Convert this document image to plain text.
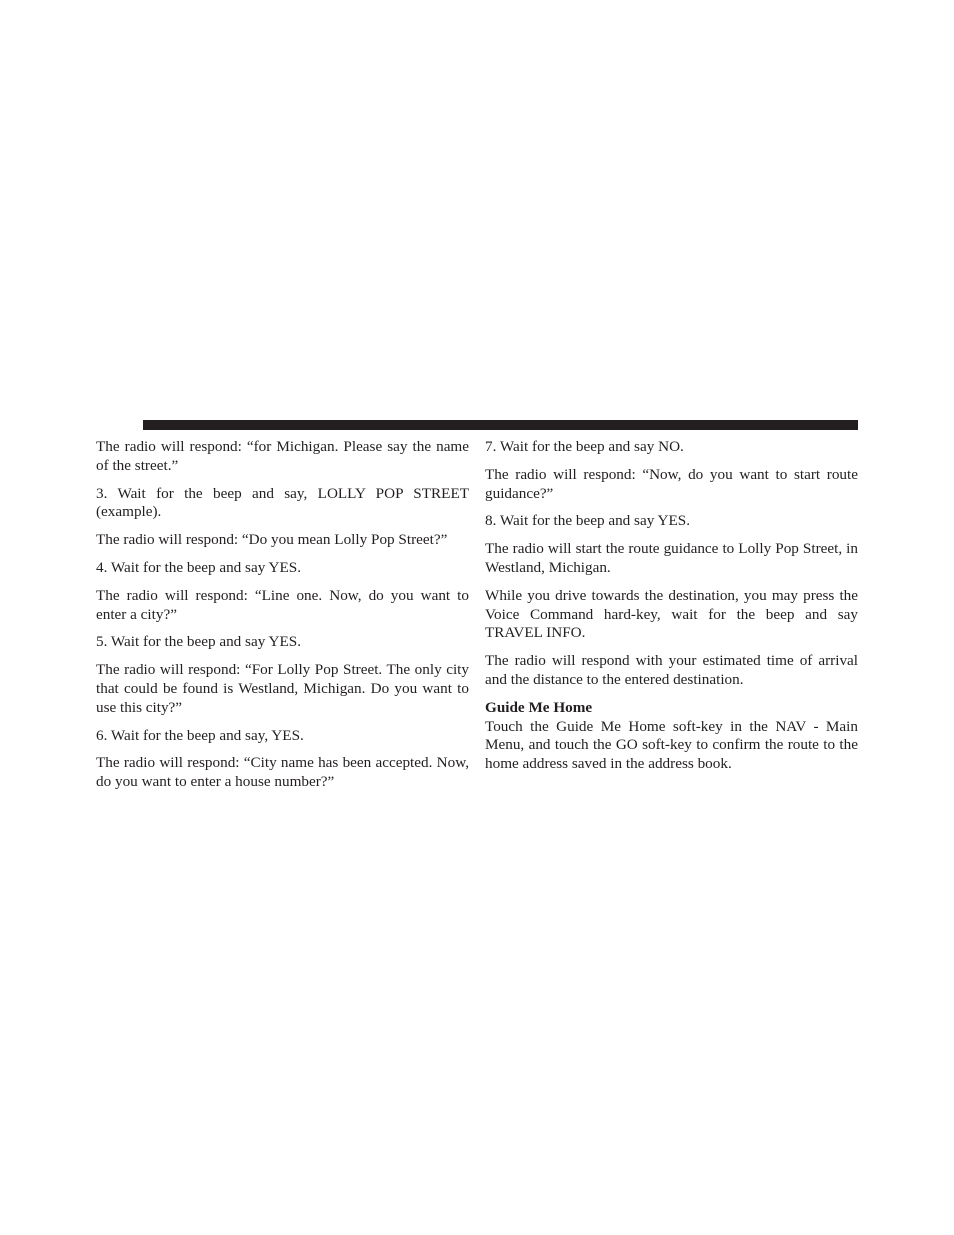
The radio will respond: “for Michigan. Please say the name of the street.”

3. Wait for the beep and say, LOLLY POP STREET (example).

The radio will respond: “Do you mean Lolly Pop Street?”

4. Wait for the beep and say YES.

The radio will respond: “Line one. Now, do you want to enter a city?”

5. Wait for the beep and say YES.

The radio will respond: “For Lolly Pop Street. The only city that could be found is Westland, Michigan. Do you want to use this city?”

6. Wait for the beep and say, YES.

The radio will respond: “City name has been accepted. Now, do you want to enter a house number?”

7. Wait for the beep and say NO.

The radio will respond: “Now, do you want to start route guidance?”

8. Wait for the beep and say YES.

The radio will start the route guidance to Lolly Pop Street, in Westland, Michigan.

While you drive towards the destination, you may press the Voice Command hard-key, wait for the beep and say TRAVEL INFO.

The radio will respond with your estimated time of arrival and the distance to the entered destination.

Guide Me Home

Touch the Guide Me Home soft-key in the NAV - Main Menu, and touch the GO soft-key to confirm the route to the home address saved in the address book.
